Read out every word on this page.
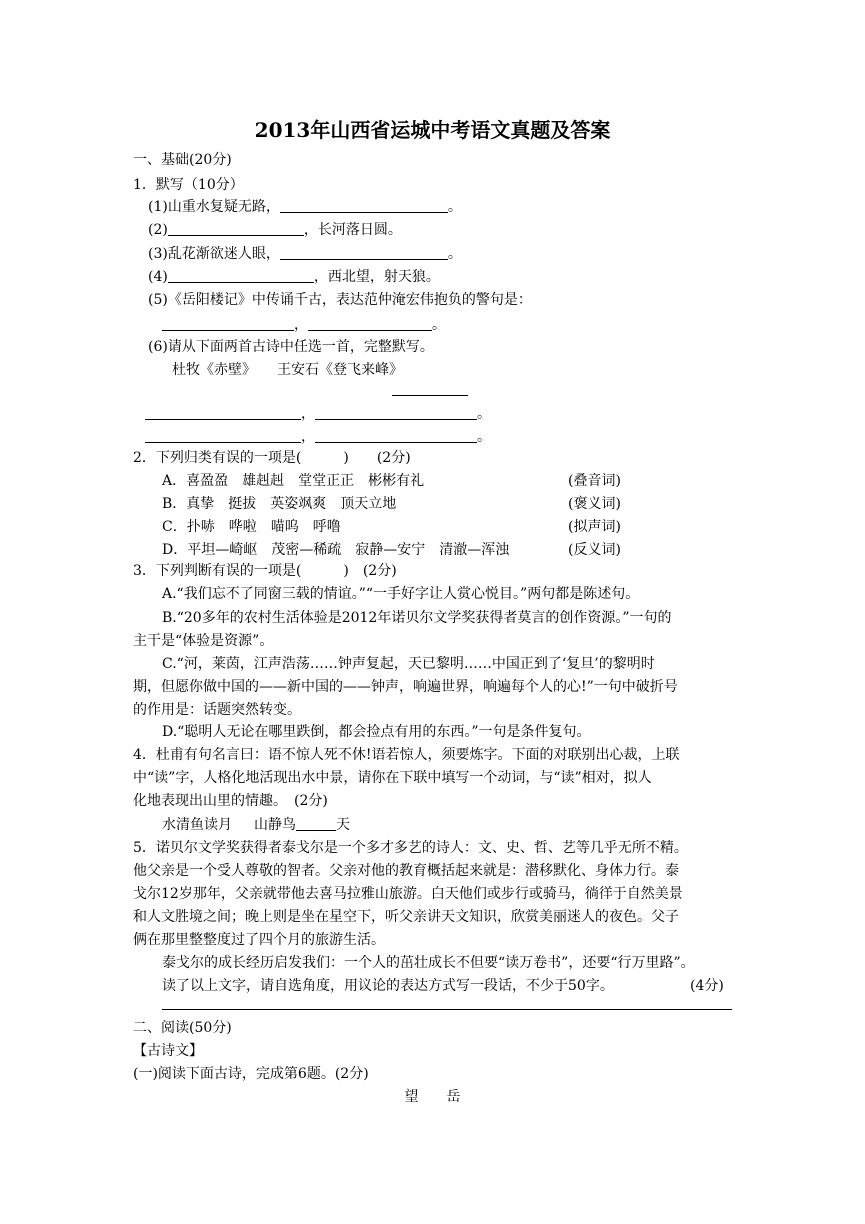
2013年山西省运城中考语文真题及答案
一、基础(20分)
1．默写（10分）
(1)山重水复疑无路，	。
(2)	，长河落日圆。
(3)乱花渐欲迷人眼，	。
(4)	，西北望，射天狼。
(5)《岳阳楼记》中传诵千古，表达范仲淹宏伟抱负的警句是：
，	。
(6)请从下面两首古诗中任选一首，完整默写。
杜牧《赤壁》　　王安石《登飞来峰》
，	。
，	。
2．下列归类有误的一项是(　　　)　　(2分)
A．喜盈盈　雄赳赳　堂堂正正　彬彬有礼	(叠音词)
B．真挚　挺拔　英姿飒爽　顶天立地	(褒义词)
C．扑哧　哗啦　喵呜　呼噜	(拟声词)
D．平坦—崎岖　茂密—稀疏　寂静—安宁　清澈—浑浊	(反义词)
3．下列判断有误的一项是(　　　)　(2分)
A.“我们忘不了同窗三载的情谊。”“一手好字让人赏心悦目。”两句都是陈述句。
B.“20多年的农村生活体验是2012年诺贝尔文学奖获得者莫言的创作资源。”一句的
主干是“体验是资源”。
C.“河，莱茵，江声浩荡……钟声复起，天已黎明……中国正到了‘复旦’的黎明时
期，但愿你做中国的——新中国的——钟声，响遍世界，响遍每个人的心!”一句中破折号
的作用是：话题突然转变。
D.“聪明人无论在哪里跌倒，都会捡点有用的东西。”一句是条件复句。
4．杜甫有句名言曰：语不惊人死不休!语若惊人，须要炼字。下面的对联别出心裁，上联
中“读”字，人格化地活现出水中景，请你在下联中填写一个动词，与“读”相对，拟人
化地表现出山里的情趣。　(2分)
水清鱼读月 山静鸟	天
5．诺贝尔文学奖获得者泰戈尔是一个多才多艺的诗人：文、史、哲、艺等几乎无所不精。
他父亲是一个受人尊敬的智者。父亲对他的教育概括起来就是：潜移默化、身体力行。泰
戈尔12岁那年，父亲就带他去喜马拉雅山旅游。白天他们或步行或骑马，徜徉于自然美景
和人文胜境之间；晚上则是坐在星空下，听父亲讲天文知识，欣赏美丽迷人的夜色。父子
俩在那里整整度过了四个月的旅游生活。
泰戈尔的成长经历启发我们：一个人的茁壮成长不但要“读万卷书”，还要“行万里路”。
读了以上文字，请自选角度，用议论的表达方式写一段话，不少于50字。	(4分)
二、阅读(50分)
【古诗文】
(一)阅读下面古诗，完成第6题。(2分)
望　　岳
